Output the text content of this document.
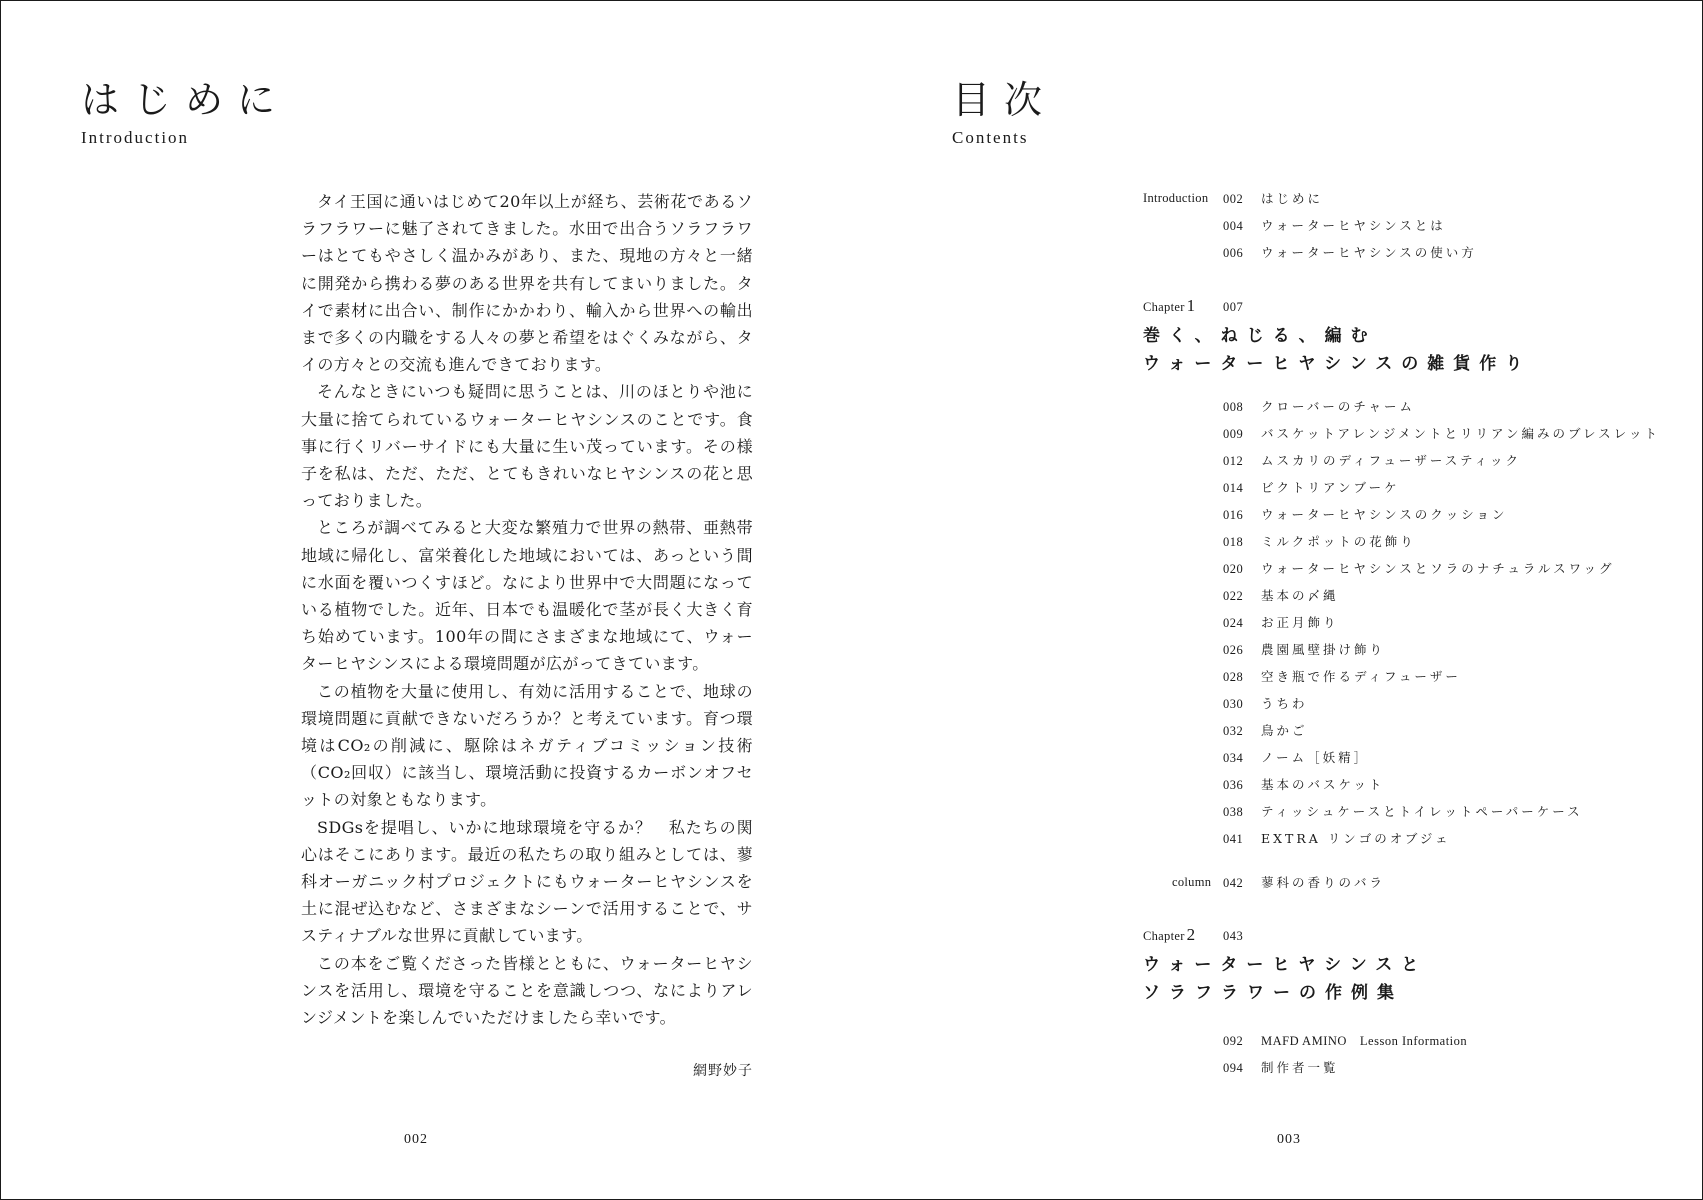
はじめに
Introduction

タイ王国に通いはじめて20年以上が経ち、芸術花であるソラフラワーに魅了されてきました。水田で出合うソラフラワーはとてもやさしく温かみがあり、また、現地の方々と一緒に開発から携わる夢のある世界を共有してまいりました。タイで素材に出合い、制作にかかわり、輸入から世界への輸出まで多くの内職をする人々の夢と希望をはぐくみながら、タイの方々との交流も進んできております。

そんなときにいつも疑問に思うことは、川のほとりや池に大量に捨てられているウォーターヒヤシンスのことです。食事に行くリバーサイドにも大量に生い茂っています。その様子を私は、ただ、ただ、とてもきれいなヒヤシンスの花と思っておりました。

ところが調べてみると大変な繁殖力で世界の熱帯、亜熱帯地域に帰化し、富栄養化した地域においては、あっという間に水面を覆いつくすほど。なにより世界中で大問題になっている植物でした。近年、日本でも温暖化で茎が長く大きく育ち始めています。100年の間にさまざまな地域にて、ウォーターヒヤシンスによる環境問題が広がってきています。

この植物を大量に使用し、有効に活用することで、地球の環境問題に貢献できないだろうか？と考えています。育つ環境はCO₂の削減に、駆除はネガティブコミッション技術（CO₂回収）に該当し、環境活動に投資するカーボンオフセットの対象ともなります。

SDGsを提唱し、いかに地球環境を守るか？　私たちの関心はそこにあります。最近の私たちの取り組みとしては、蓼科オーガニック村プロジェクトにもウォーターヒヤシンスを土に混ぜ込むなど、さまざまなシーンで活用することで、サスティナブルな世界に貢献しています。

この本をご覧くださった皆様とともに、ウォーターヒヤシンスを活用し、環境を守ることを意識しつつ、なによりアレンジメントを楽しんでいただけましたら幸いです。

網野妙子
002
目次
Contents
Introduction 002 はじめに
004 ウォーターヒヤシンスとは
006 ウォーターヒヤシンスの使い方
Chapter 1 007
巻く、ねじる、編む
ウォーターヒヤシンスの雑貨作り
008 クローバーのチャーム
009 バスケットアレンジメントとリリアン編みのブレスレット
012 ムスカリのディフューザースティック
014 ビクトリアンブーケ
016 ウォーターヒヤシンスのクッション
018 ミルクポットの花飾り
020 ウォーターヒヤシンスとソラのナチュラルスワッグ
022 基本の〆縄
024 お正月飾り
026 農園風壁掛け飾り
028 空き瓶で作るディフューザー
030 うちわ
032 鳥かご
034 ノーム［妖精］
036 基本のバスケット
038 ティッシュケースとトイレットペーパーケース
041 EXTRA リンゴのオブジェ
column 042 蓼科の香りのバラ
Chapter 2 043
ウォーターヒヤシンスと
ソラフラワーの作例集
092 MAFD AMINO　Lesson Information
094 制作者一覧
003
